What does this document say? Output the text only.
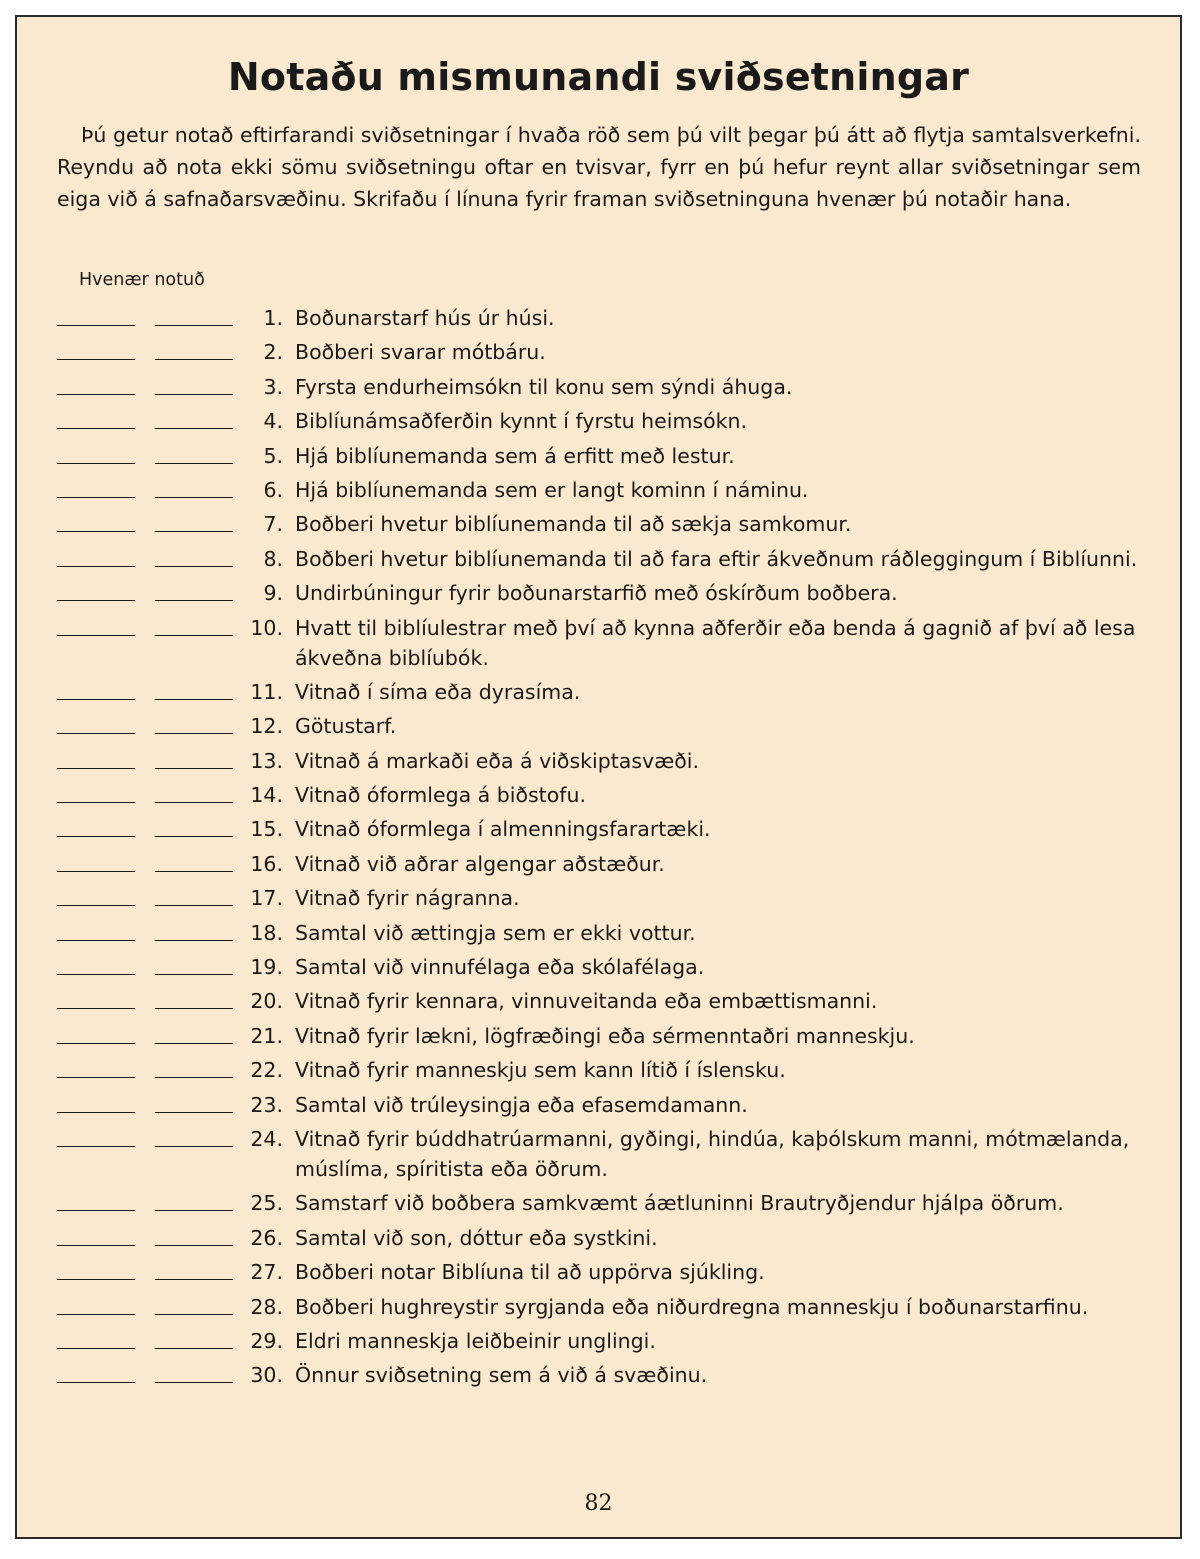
Notaðu mismunandi sviðsetningar

Þú getur notað eftirfarandi sviðsetningar í hvaða röð sem þú vilt þegar þú átt að flytja samtalsverkefni. Reyndu að nota ekki sömu sviðsetningu oftar en tvisvar, fyrr en þú hefur reynt allar sviðsetningar sem eiga við á safnaðarsvæðinu. Skrifaðu í línuna fyrir framan sviðsetninguna hvenær þú notaðir hana.

Hvenær notuð
1. Boðunarstarf hús úr húsi.
2. Boðberi svarar mótbáru.
3. Fyrsta endurheimsókn til konu sem sýndi áhuga.
4. Biblíunámsaðferðin kynnt í fyrstu heimsókn.
5. Hjá biblíunemanda sem á erfitt með lestur.
6. Hjá biblíunemanda sem er langt kominn í náminu.
7. Boðberi hvetur biblíunemanda til að sækja samkomur.
8. Boðberi hvetur biblíunemanda til að fara eftir ákveðnum ráðleggingum í Biblíunni.
9. Undirbúningur fyrir boðunarstarfið með óskírðum boðbera.
10. Hvatt til biblíulestrar með því að kynna aðferðir eða benda á gagnið af því að lesa ákveðna biblíubók.
11. Vitnað í síma eða dyrasíma.
12. Götustarf.
13. Vitnað á markaði eða á viðskiptasvæði.
14. Vitnað óformlega á biðstofu.
15. Vitnað óformlega í almenningsfarartæki.
16. Vitnað við aðrar algengar aðstæður.
17. Vitnað fyrir nágranna.
18. Samtal við ættingja sem er ekki vottur.
19. Samtal við vinnufélaga eða skólafélaga.
20. Vitnað fyrir kennara, vinnuveitanda eða embættismanni.
21. Vitnað fyrir lækni, lögfræðingi eða sérmenntaðri manneskju.
22. Vitnað fyrir manneskju sem kann lítið í íslensku.
23. Samtal við trúleysingja eða efasemdamann.
24. Vitnað fyrir búddhatrúarmanni, gyðingi, hindúa, kaþólskum manni, mótmælanda, múslíma, spíritista eða öðrum.
25. Samstarf við boðbera samkvæmt áætluninni Brautryðjendur hjálpa öðrum.
26. Samtal við son, dóttur eða systkini.
27. Boðberi notar Biblíuna til að uppörva sjúkling.
28. Boðberi hughreystir syrgjanda eða niðurdregna manneskju í boðunarstarfinu.
29. Eldri manneskja leiðbeinir unglingi.
30. Önnur sviðsetning sem á við á svæðinu.
82
